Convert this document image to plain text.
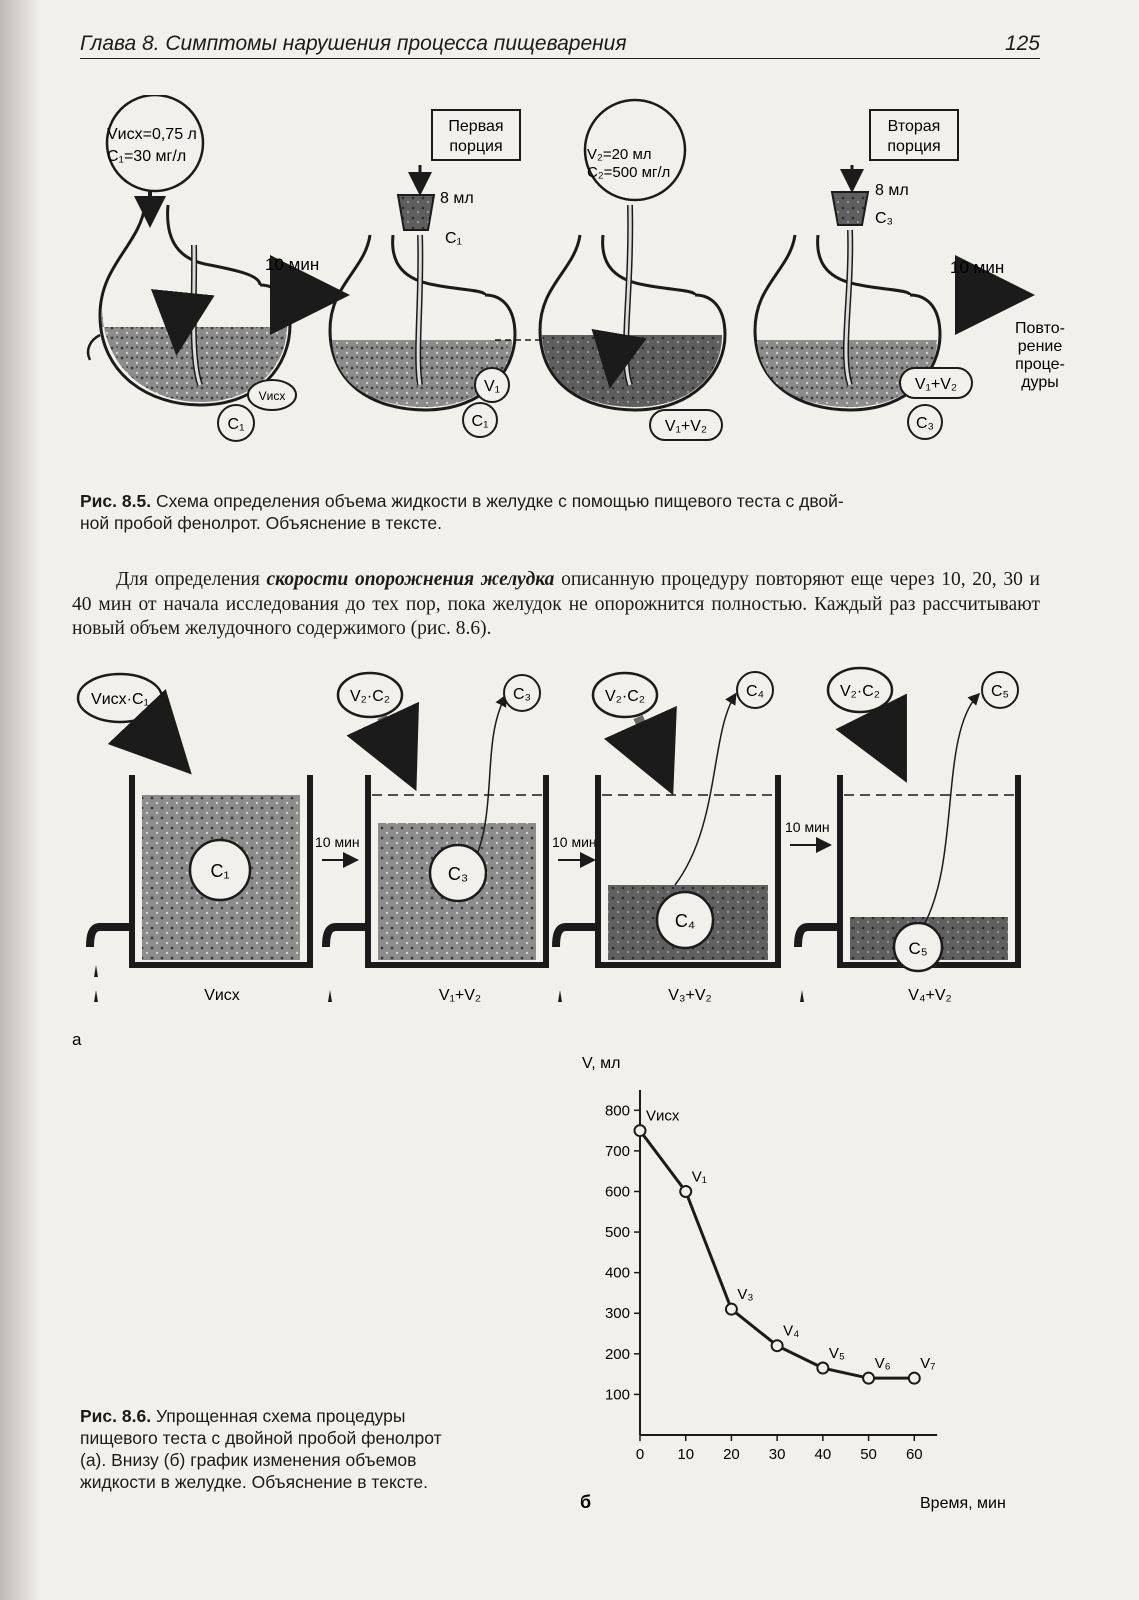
Глава 8. Симптомы нарушения процесса пищеварения	125
Vисх=0,75 л
C₁=30 мг/л
Vисх
C₁
10 мин
Первая
порция
8 мл
C₁
V₁
C₁
V₂=20 мл
C₂=500 мг/л
V₁+V₂
Вторая
порция
8 мл
C₃
V₁+V₂
C₃
10 мин
Повто-
рение
проце-
дуры
Рис. 8.5. Схема определения объема жидкости в желудке с помощью пищевого теста с двой-
ной пробой фенолрот. Объяснение в тексте.
Для определения скорости опорожнения желудка описанную процедуру повторяют еще через 10, 20, 30 и 40 мин от начала исследования до тех пор, пока желудок не опорожнится полностью. Каждый раз рассчитывают новый объем желудочного содержимого (рис. 8.6).
Vисх·C₁
C₁
Vисх
10 мин
V₂·C₂	C₃
C₃
V₁+V₂
10 мин
V₂·C₂	C₄
C₄
V₃+V₂
10 мин
V₂·C₂	C₅
C₅
V₄+V₂
а
V, мл
Время, мин
б
100
200
300
400
500
600
700
800
0 10 20 30 40 50 60
Vисх
V₁
V₃
V₄
V₅
V₆ V₇
Рис. 8.6. Упрощенная схема процедуры
пищевого теста с двойной пробой фенолрот
(а). Внизу (б) график изменения объемов
жидкости в желудке. Объяснение в тексте.
